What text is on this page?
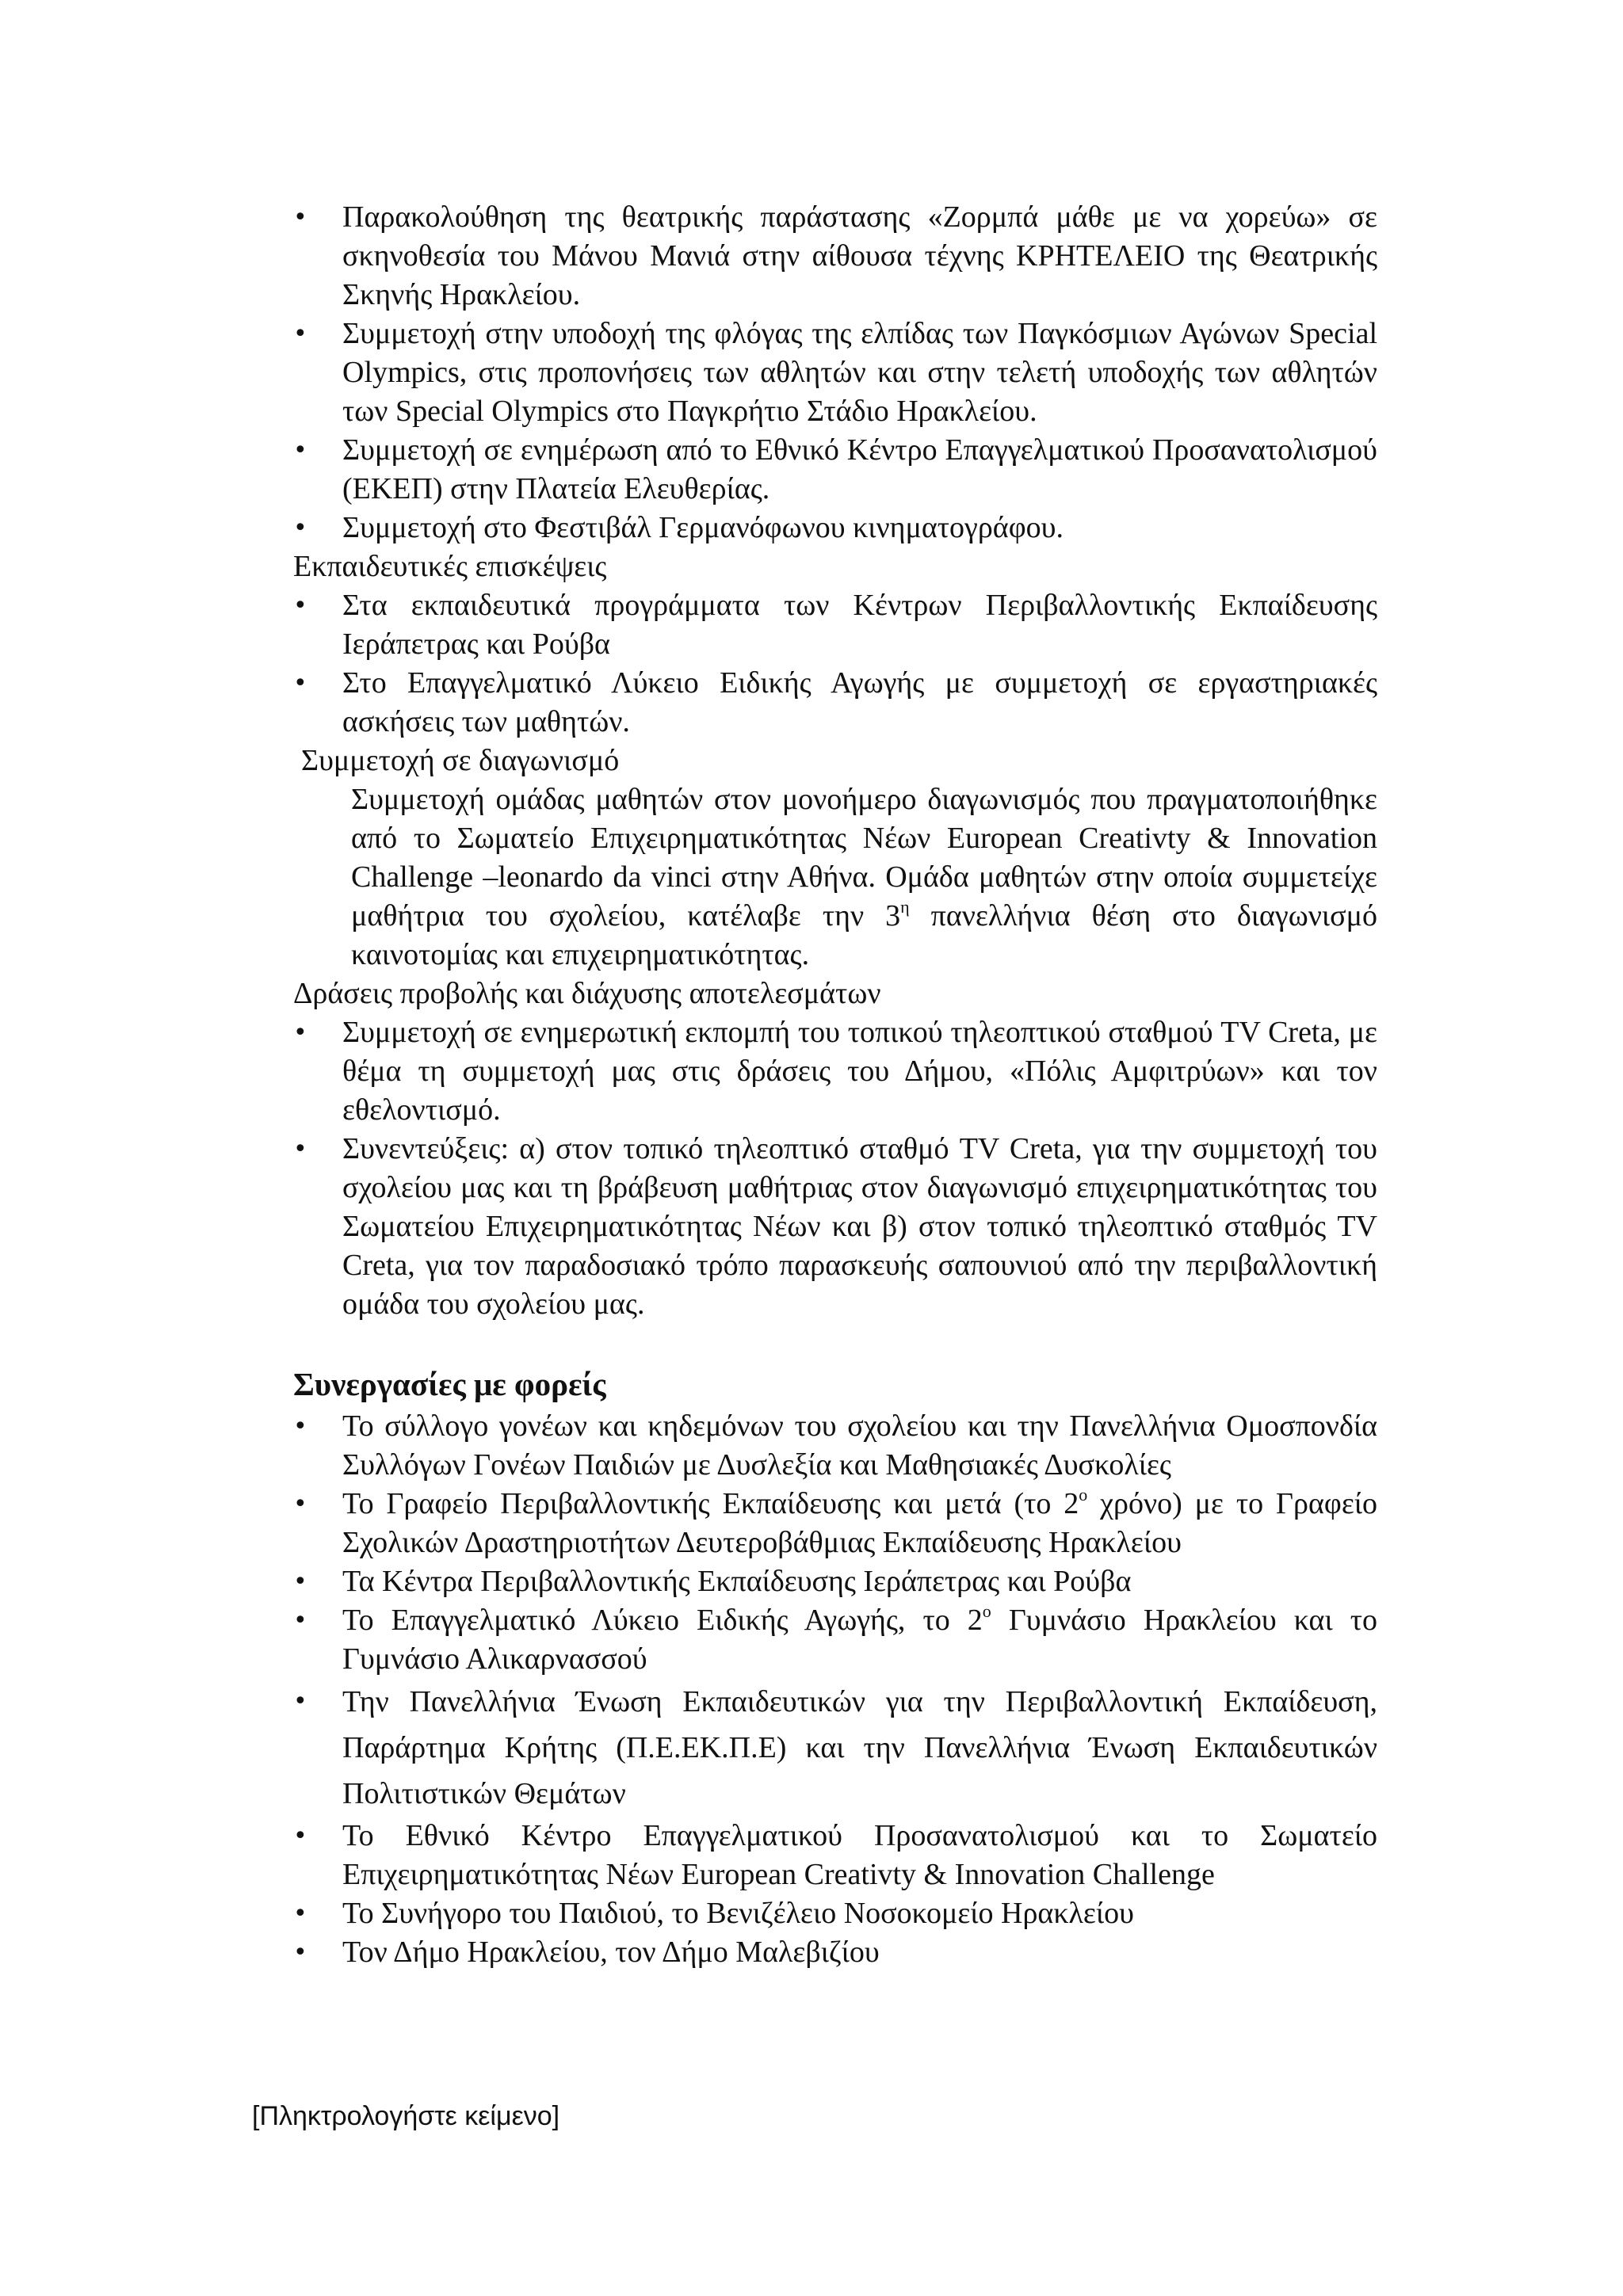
• Παρακολούθηση της θεατρικής παράστασης «Ζορμπά μάθε με να χορεύω» σε σκηνοθεσία του Μάνου Μανιά στην αίθουσα τέχνης ΚΡΗΤΕΛΕΙΟ της Θεατρικής Σκηνής Ηρακλείου.
• Συμμετοχή στην υποδοχή της φλόγας της ελπίδας των Παγκόσμιων Αγώνων Special Olympics, στις προπονήσεις των αθλητών και στην τελετή υποδοχής των αθλητών των Special Olympics στο Παγκρήτιο Στάδιο Ηρακλείου.
• Συμμετοχή σε ενημέρωση από το Εθνικό Κέντρο Επαγγελματικού Προσανατολισμού (ΕΚΕΠ) στην Πλατεία Ελευθερίας.
• Συμμετοχή στο Φεστιβάλ Γερμανόφωνου κινηματογράφου.

Εκπαιδευτικές επισκέψεις

• Στα εκπαιδευτικά προγράμματα των Κέντρων Περιβαλλοντικής Εκπαίδευσης Ιεράπετρας και Ρούβα
• Στο Επαγγελματικό Λύκειο Ειδικής Αγωγής με συμμετοχή σε εργαστηριακές ασκήσεις των μαθητών.

Συμμετοχή σε διαγωνισμό

Συμμετοχή ομάδας μαθητών στον μονοήμερο διαγωνισμός που πραγματοποιήθηκε από το Σωματείο Επιχειρηματικότητας Νέων European Creativty & Innovation Challenge –leonardo da vinci στην Αθήνα. Ομάδα μαθητών στην οποία συμμετείχε μαθήτρια του σχολείου, κατέλαβε την $3^\eta$ πανελλήνια θέση στο διαγωνισμό καινοτομίας και επιχειρηματικότητας.

Δράσεις προβολής και διάχυσης αποτελεσμάτων

• Συμμετοχή σε ενημερωτική εκπομπή του τοπικού τηλεοπτικού σταθμού TV Creta, με θέμα τη συμμετοχή μας στις δράσεις του Δήμου, «Πόλις Αμφιτρύων» και τον εθελοντισμό.
• Συνεντεύξεις: α) στον τοπικό τηλεοπτικό σταθμό TV Creta, για την συμμετοχή του σχολείου μας και τη βράβευση μαθήτριας στον διαγωνισμό επιχειρηματικότητας του Σωματείου Επιχειρηματικότητας Νέων και β) στον τοπικό τηλεοπτικό σταθμός TV Creta, για τον παραδοσιακό τρόπο παρασκευής σαπουνιού από την περιβαλλοντική ομάδα του σχολείου μας.

Συνεργασίες με φορείς

• Το σύλλογο γονέων και κηδεμόνων του σχολείου και την Πανελλήνια Ομοσπονδία Συλλόγων Γονέων Παιδιών με Δυσλεξία και Μαθησιακές Δυσκολίες
• Το Γραφείο Περιβαλλοντικής Εκπαίδευσης και μετά (το $2^o$ χρόνο) με το Γραφείο Σχολικών Δραστηριοτήτων Δευτεροβάθμιας Εκπαίδευσης Ηρακλείου
• Τα Κέντρα Περιβαλλοντικής Εκπαίδευσης Ιεράπετρας και Ρούβα
• Το Επαγγελματικό Λύκειο Ειδικής Αγωγής, το $2^o$ Γυμνάσιο Ηρακλείου και το Γυμνάσιο Αλικαρνασσού
• Την Πανελλήνια Ένωση Εκπαιδευτικών για την Περιβαλλοντική Εκπαίδευση, Παράρτημα Κρήτης (Π.Ε.ΕΚ.Π.Ε) και την Πανελλήνια Ένωση Εκπαιδευτικών Πολιτιστικών Θεμάτων
• Το Εθνικό Κέντρο Επαγγελματικού Προσανατολισμού και το Σωματείο Επιχειρηματικότητας Νέων European Creativty & Innovation Challenge
• Το Συνήγορο του Παιδιού, το Βενιζέλειο Νοσοκομείο Ηρακλείου
• Τον Δήμο Ηρακλείου, τον Δήμο Μαλεβιζίου
[Πληκτρολογήστε κείμενο]
